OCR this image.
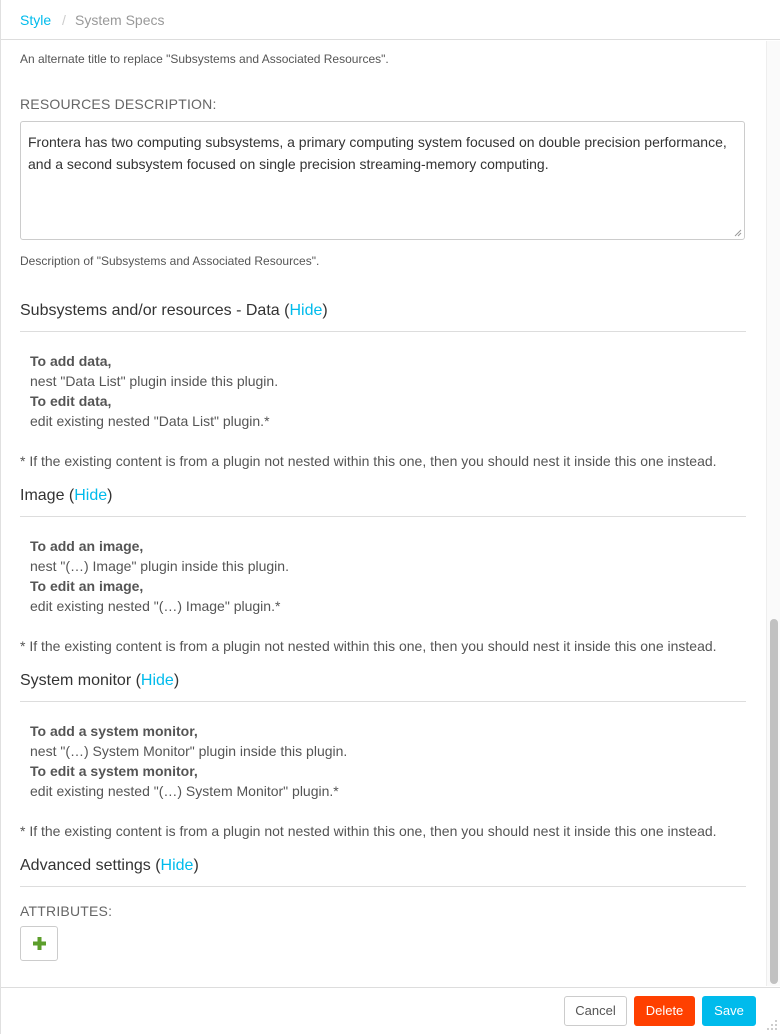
Style / System Specs
An alternate title to replace "Subsystems and Associated Resources".
RESOURCES DESCRIPTION:
Frontera has two computing subsystems, a primary computing system focused on double precision performance, and a second subsystem focused on single precision streaming-memory computing.
Description of "Subsystems and Associated Resources".
Subsystems and/or resources - Data (Hide)
To add data,
nest "Data List" plugin inside this plugin.
To edit data,
edit existing nested "Data List" plugin.*
* If the existing content is from a plugin not nested within this one, then you should nest it inside this one instead.
Image (Hide)
To add an image,
nest "(…) Image" plugin inside this plugin.
To edit an image,
edit existing nested "(…) Image" plugin.*
* If the existing content is from a plugin not nested within this one, then you should nest it inside this one instead.
System monitor (Hide)
To add a system monitor,
nest "(…) System Monitor" plugin inside this plugin.
To edit a system monitor,
edit existing nested "(…) System Monitor" plugin.*
* If the existing content is from a plugin not nested within this one, then you should nest it inside this one instead.
Advanced settings (Hide)
ATTRIBUTES:
Cancel	Delete	Save
